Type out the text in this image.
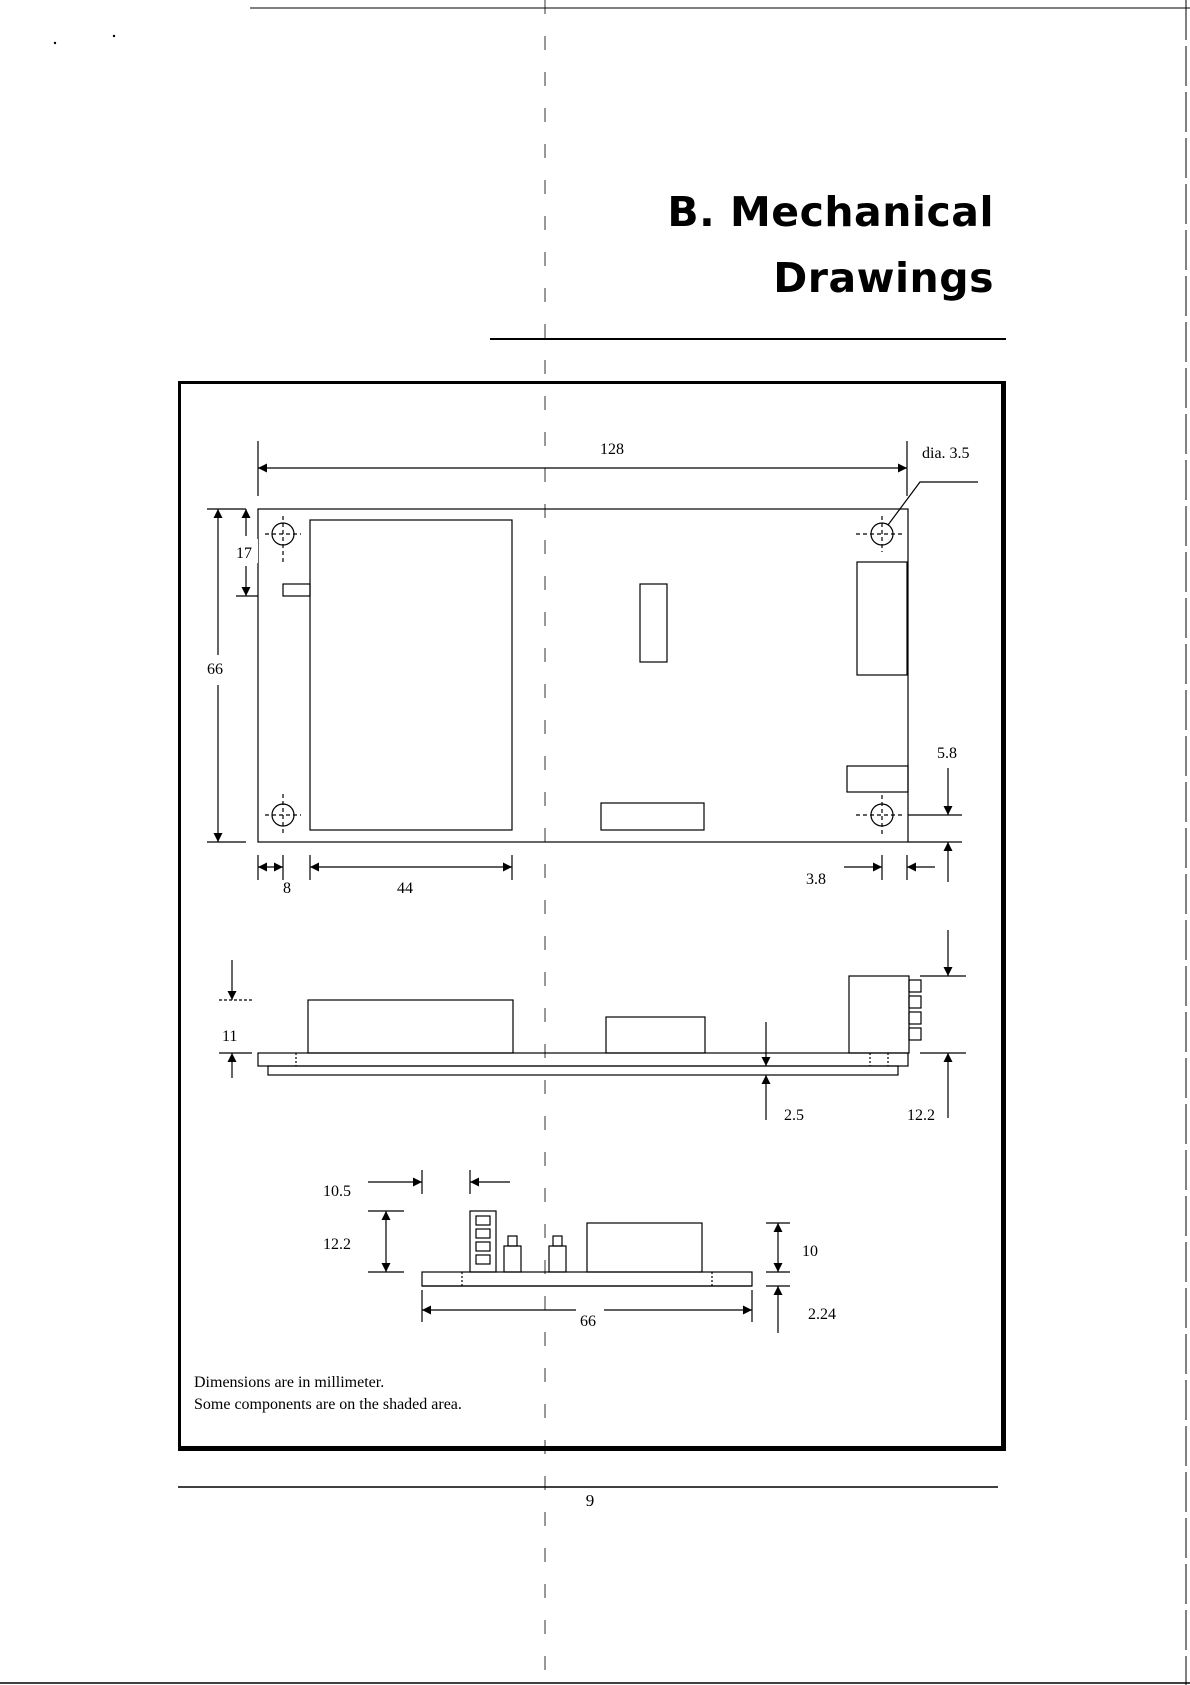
B. Mechanical
Drawings
128	dia. 3.5
66
17
8	44
3.8
5.8
11
2.5	12.2
10.5
12.2	10
2.24
66
Dimensions are in millimeter.
Some components are on the shaded area.
9
